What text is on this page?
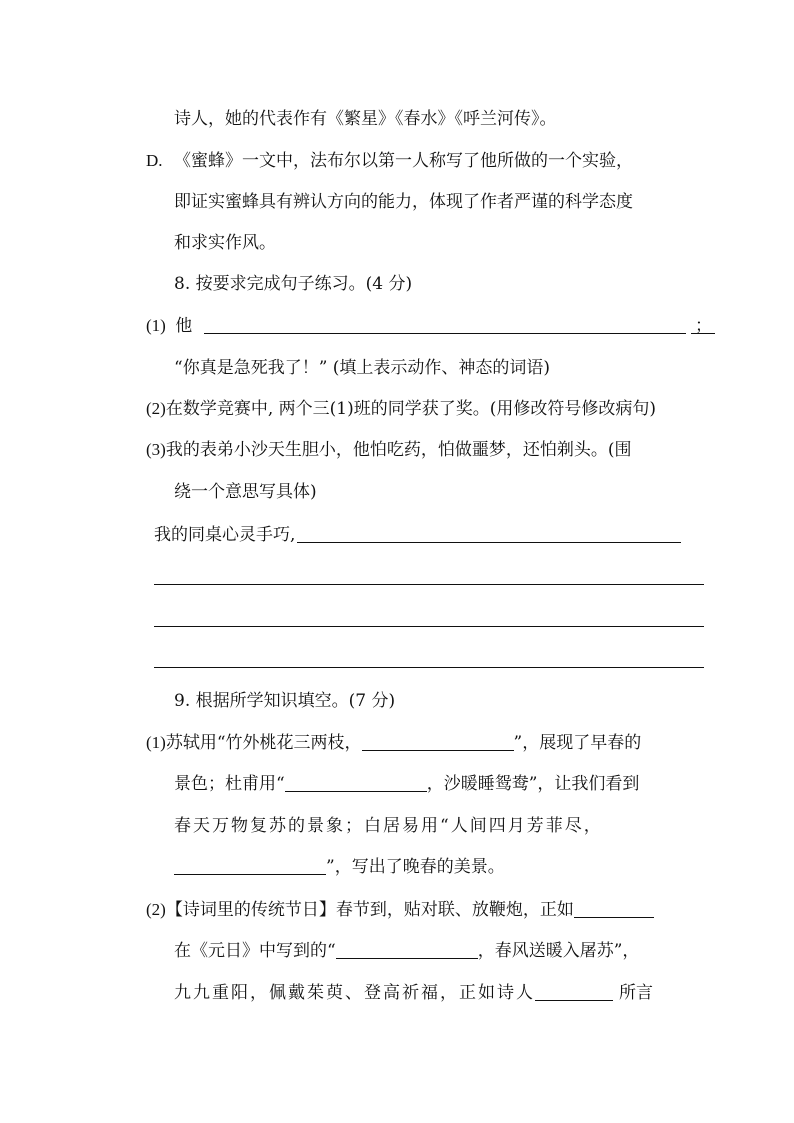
诗人，她的代表作有《繁星》《春水》《呼兰河传》。
D. 《蜜蜂》一文中，法布尔以第一人称写了他所做的一个实验，
即证实蜜蜂具有辨认方向的能力，体现了作者严谨的科学态度
和求实作风。
8. 按要求完成句子练习。(4 分)
(1) 他	；
“你真是急死我了！” (填上表示动作、神态的词语)
(2)在数学竞赛中, 两个三(1)班的同学获了奖。(用修改符号修改病句)
(3)我的表弟小沙天生胆小，他怕吃药，怕做噩梦，还怕剃头。(围
绕一个意思写具体)
我的同桌心灵手巧,
9. 根据所学知识填空。(7 分)
(1)苏轼用“竹外桃花三两枝，	”，展现了早春的
景色；杜甫用“	，沙暖睡鸳鸯”，让我们看到
春天万物复苏的景象；白居易用“人间四月芳菲尽，
”，写出了晚春的美景。
(2)【诗词里的传统节日】春节到，贴对联、放鞭炮，正如
在《元日》中写到的“	，春风送暖入屠苏”，
九九重阳，佩戴茱萸、登高祈福，正如诗人	所言
